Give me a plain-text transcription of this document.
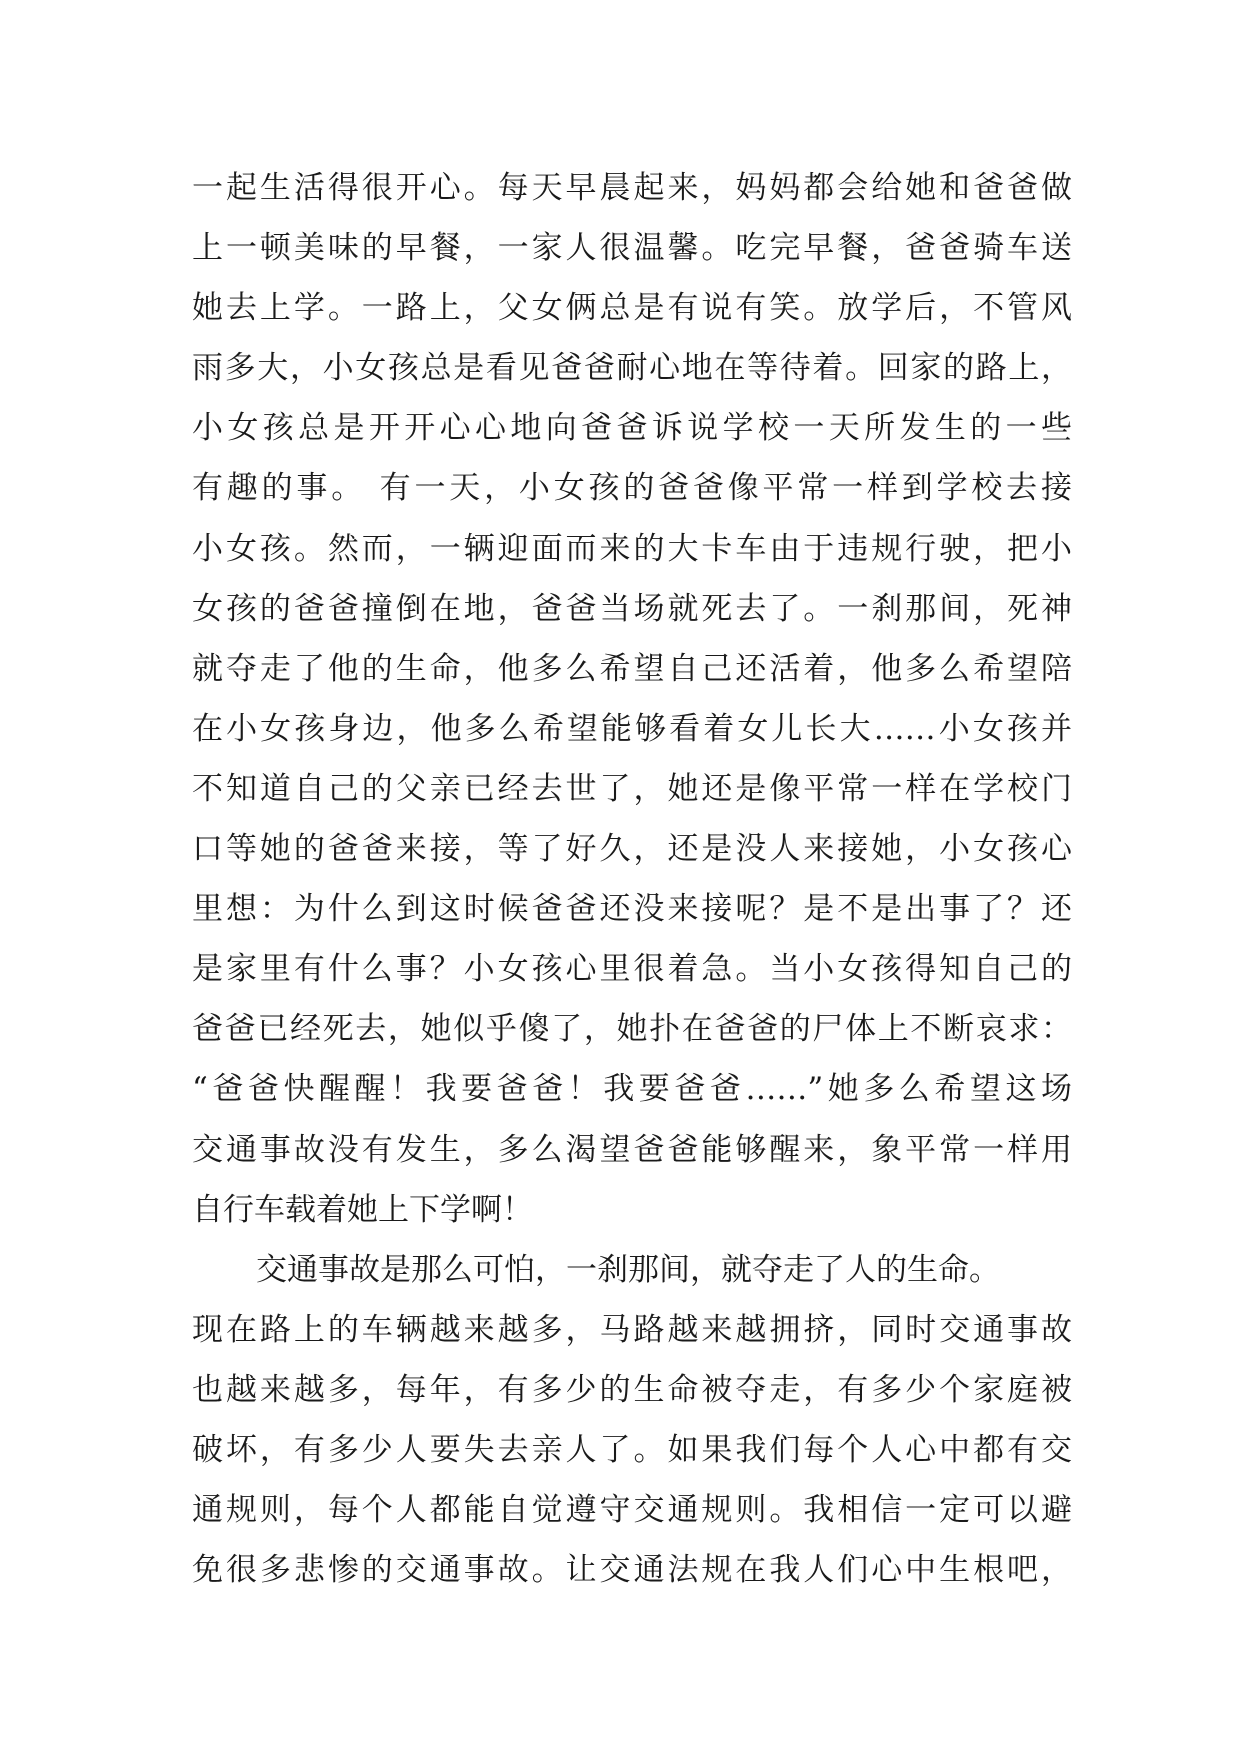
一起生活得很开心。每天早晨起来，妈妈都会给她和爸爸做
上一顿美味的早餐，一家人很温馨。吃完早餐，爸爸骑车送
她去上学。一路上，父女俩总是有说有笑。放学后，不管风
雨多大，小女孩总是看见爸爸耐心地在等待着。回家的路上，
小女孩总是开开心心地向爸爸诉说学校一天所发生的一些
有趣的事。 有一天，小女孩的爸爸像平常一样到学校去接
小女孩。然而，一辆迎面而来的大卡车由于违规行驶，把小
女孩的爸爸撞倒在地，爸爸当场就死去了。一刹那间，死神
就夺走了他的生命，他多么希望自己还活着，他多么希望陪
在小女孩身边，他多么希望能够看着女儿长大……小女孩并
不知道自己的父亲已经去世了，她还是像平常一样在学校门
口等她的爸爸来接，等了好久，还是没人来接她，小女孩心
里想：为什么到这时候爸爸还没来接呢？是不是出事了？还
是家里有什么事？小女孩心里很着急。当小女孩得知自己的
爸爸已经死去，她似乎傻了，她扑在爸爸的尸体上不断哀求：
“爸爸快醒醒！我要爸爸！我要爸爸……”她多么希望这场
交通事故没有发生，多么渴望爸爸能够醒来，象平常一样用
自行车载着她上下学啊！
交通事故是那么可怕，一刹那间，就夺走了人的生命。
现在路上的车辆越来越多，马路越来越拥挤，同时交通事故
也越来越多，每年，有多少的生命被夺走，有多少个家庭被
破坏，有多少人要失去亲人了。如果我们每个人心中都有交
通规则，每个人都能自觉遵守交通规则。我相信一定可以避
免很多悲惨的交通事故。让交通法规在我人们心中生根吧，
